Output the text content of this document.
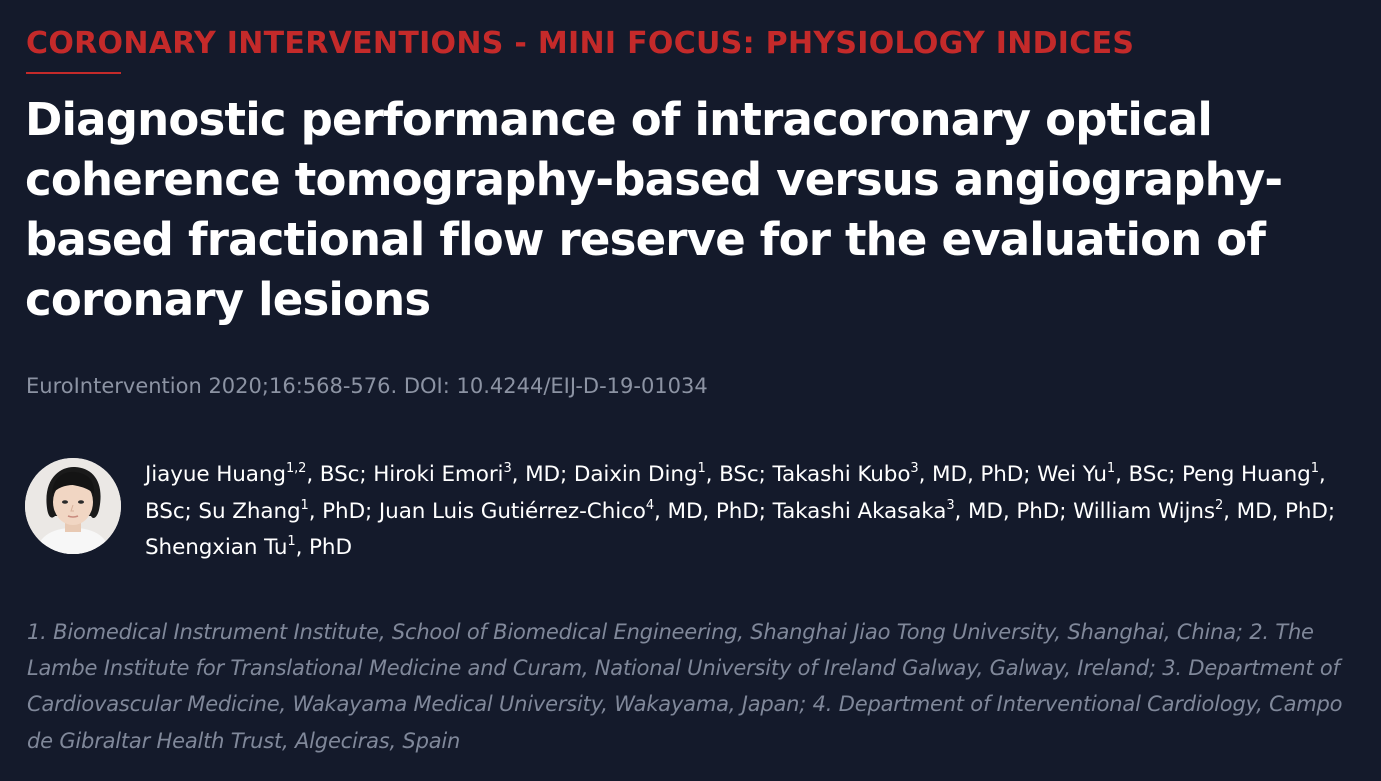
CORONARY INTERVENTIONS - MINI FOCUS: PHYSIOLOGY INDICES
Diagnostic performance of intracoronary optical coherence tomography-based versus angiography-based fractional flow reserve for the evaluation of coronary lesions
EuroIntervention 2020;16:568-576. DOI: 10.4244/EIJ-D-19-01034

Jiayue Huang$^{1,2}$, BSc; Hiroki Emori$^3$, MD; Daixin Ding$^1$, BSc; Takashi Kubo$^3$, MD, PhD; Wei Yu$^1$, BSc; Peng Huang$^1$, BSc; Su Zhang$^1$, PhD; Juan Luis Gutiérrez-Chico$^4$, MD, PhD; Takashi Akasaka$^3$, MD, PhD; William Wijns$^2$, MD, PhD; Shengxian Tu$^1$, PhD

1. Biomedical Instrument Institute, School of Biomedical Engineering, Shanghai Jiao Tong University, Shanghai, China; 2. The Lambe Institute for Translational Medicine and Curam, National University of Ireland Galway, Galway, Ireland; 3. Department of Cardiovascular Medicine, Wakayama Medical University, Wakayama, Japan; 4. Department of Interventional Cardiology, Campo de Gibraltar Health Trust, Algeciras, Spain
